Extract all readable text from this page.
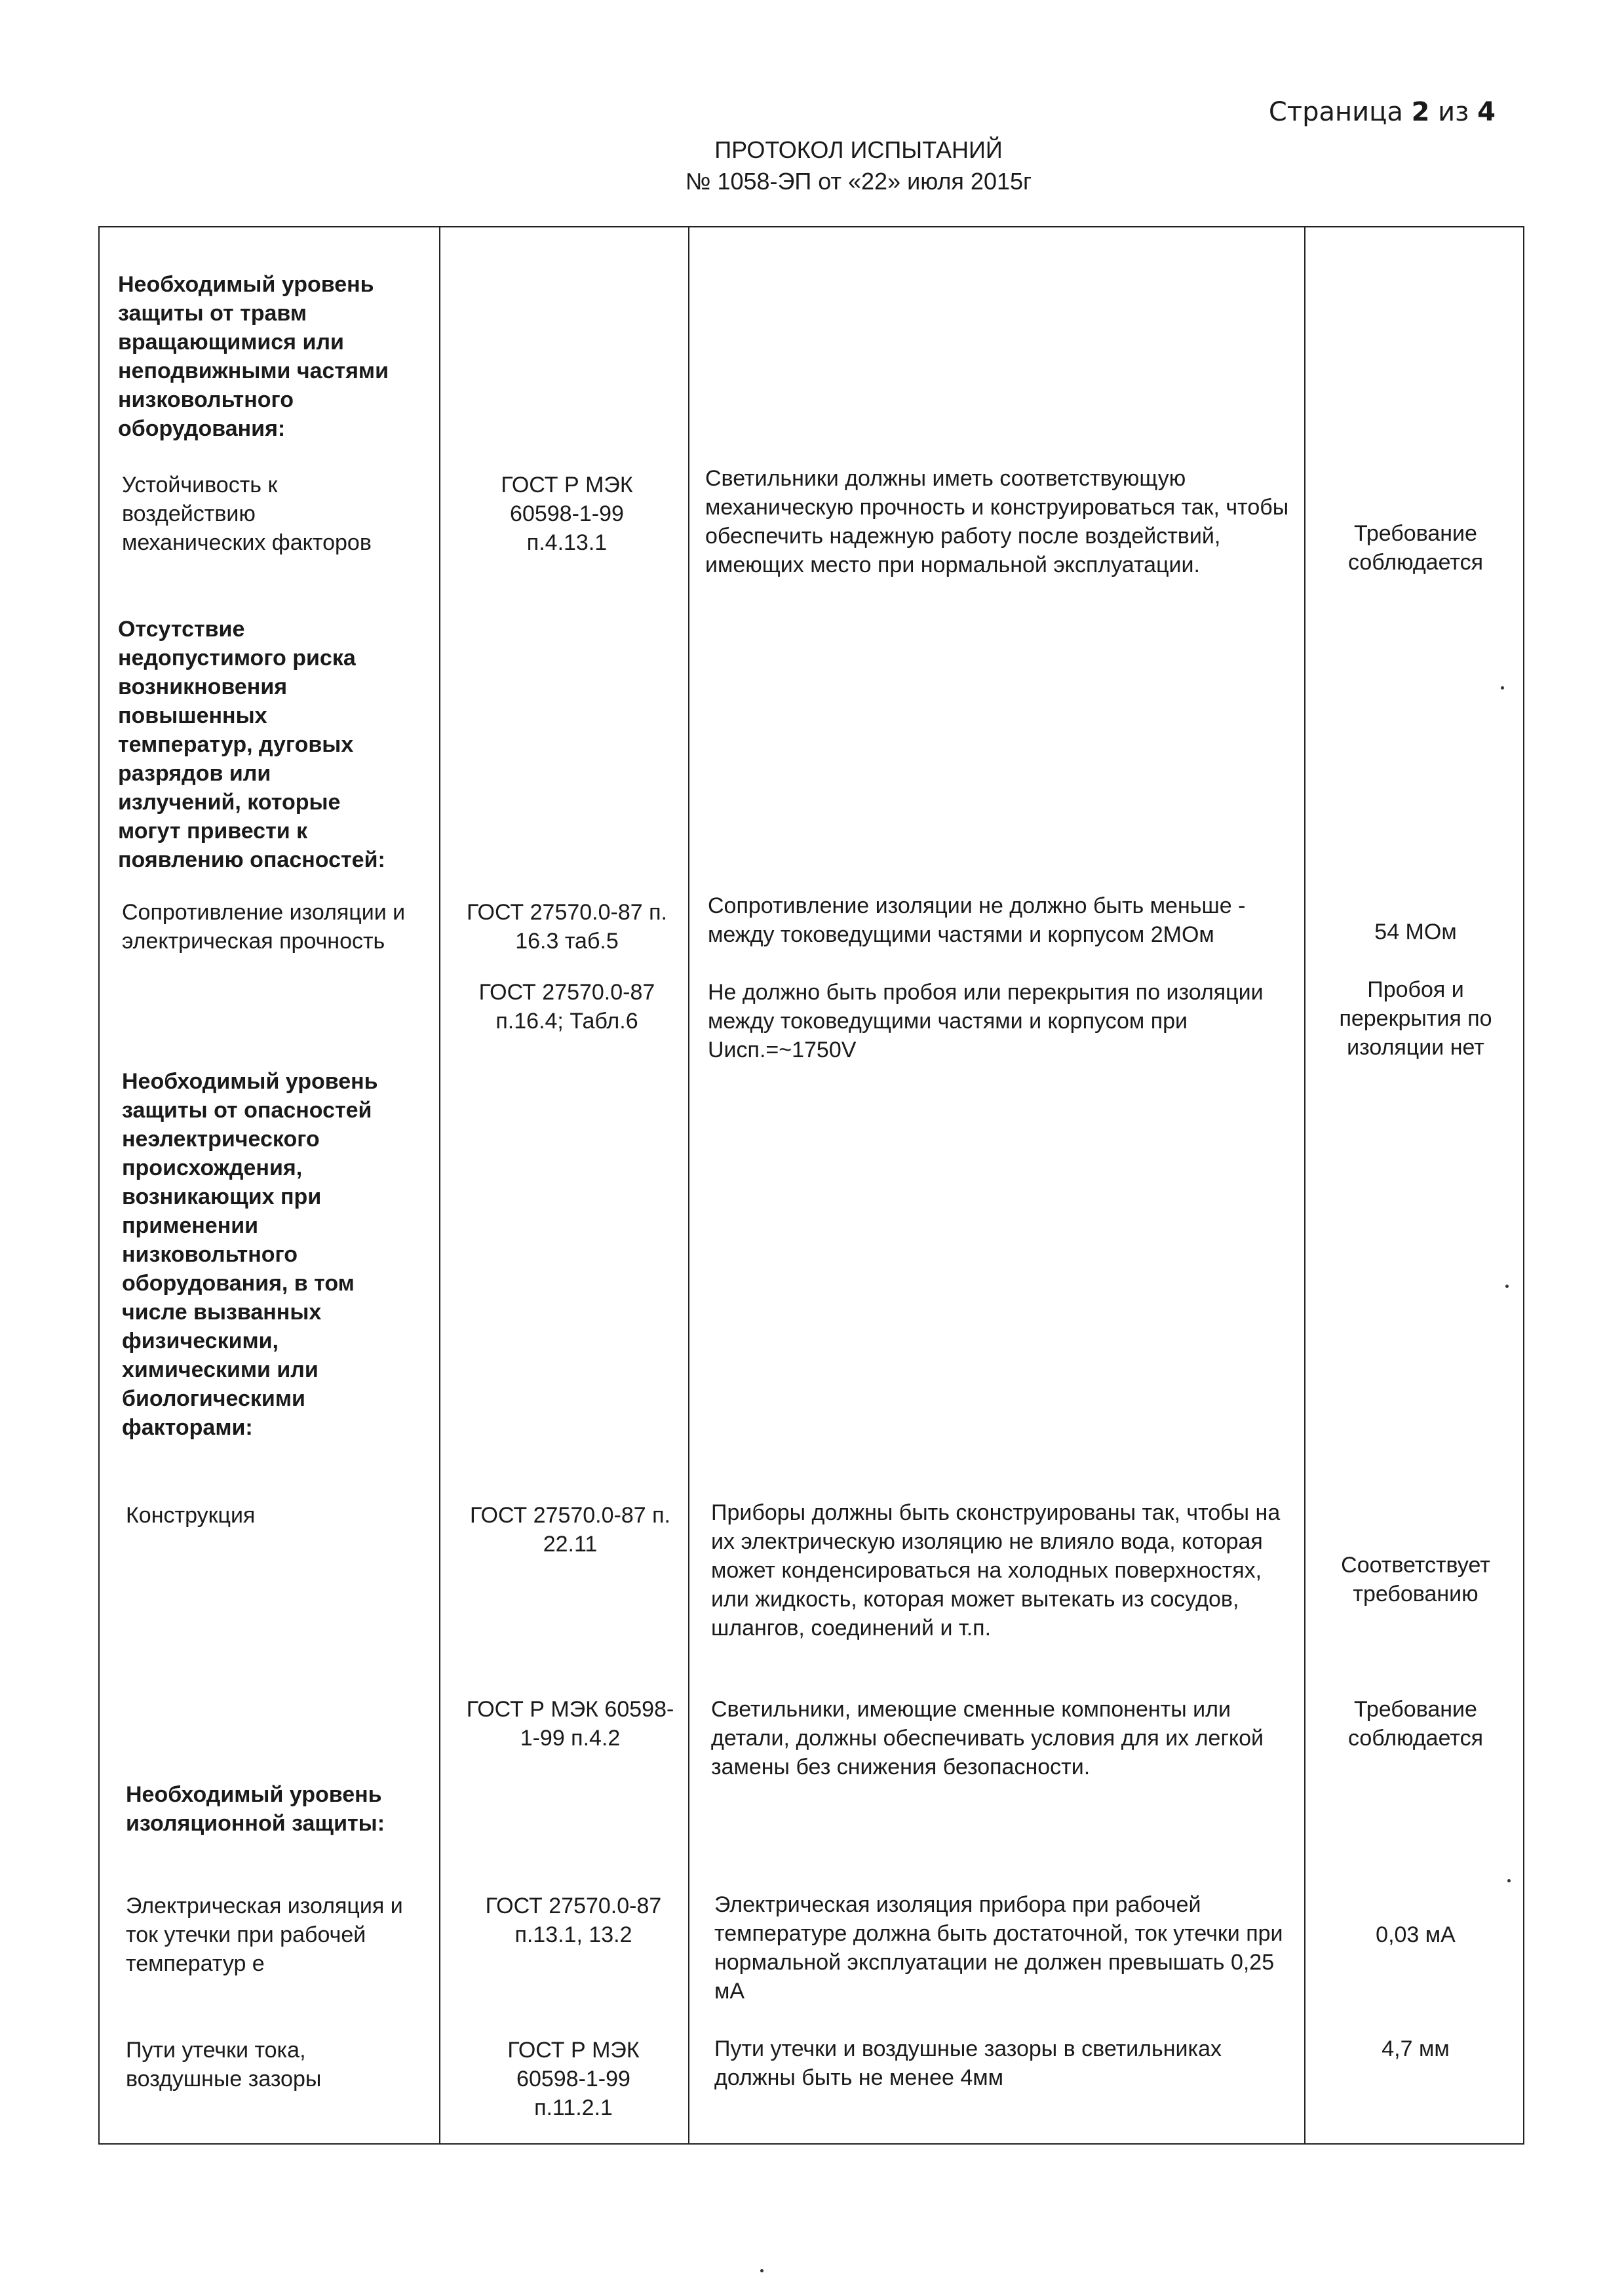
Страница 2 из 4
ПРОТОКОЛ ИСПЫТАНИЙ
№ 1058-ЭП от «22» июля 2015г
Необходимый уровень защиты от травм вращающимися или неподвижными частями низковольтного оборудования:
Устойчивость к воздействию механических факторов
ГОСТ Р МЭК 60598-1-99 п.4.13.1
Светильники должны иметь соответствующую механическую прочность и конструироваться так, чтобы обеспечить надежную работу после воздействий, имеющих место при нормальной эксплуатации.
Требование соблюдается
Отсутствие недопустимого риска возникновения повышенных температур, дуговых разрядов или излучений, которые могут привести к появлению опасностей:
Сопротивление изоляции и электрическая прочность
ГОСТ 27570.0-87 п. 16.3 таб.5
Сопротивление изоляции не должно быть меньше - между токоведущими частями и корпусом 2МОм	54 МОм
ГОСТ 27570.0-87 п.16.4; Табл.6
Не должно быть пробоя или перекрытия по изоляции между токоведущими частями и корпусом при Uисп.=~1750V
Пробоя и перекрытия по изоляции нет
Необходимый уровень защиты от опасностей неэлектрического происхождения, возникающих при применении низковольтного оборудования, в том числе вызванных физическими, химическими или биологическими факторами:
Конструкция	ГОСТ 27570.0-87 п. 22.11
Приборы должны быть сконструированы так, чтобы на их электрическую изоляцию не влияло вода, которая может конденсироваться на холодных поверхностях, или жидкость, которая может вытекать из сосудов, шлангов, соединений и т.п.
Соответствует требованию
ГОСТ Р МЭК 60598-1-99 п.4.2
Светильники, имеющие сменные компоненты или детали, должны обеспечивать условия для их легкой замены без снижения безопасности.
Требование соблюдается
Необходимый уровень изоляционной защиты:
Электрическая изоляция и ток утечки при рабочей температур е
ГОСТ 27570.0-87 п.13.1, 13.2
Электрическая изоляция прибора при рабочей температуре должна быть достаточной, ток утечки при нормальной эксплуатации не должен превышать 0,25 мА
0,03 мА
Пути утечки тока, воздушные зазоры
ГОСТ Р МЭК 60598-1-99 п.11.2.1
Пути утечки и воздушные зазоры в светильниках должны быть не менее 4мм
4,7 мм
